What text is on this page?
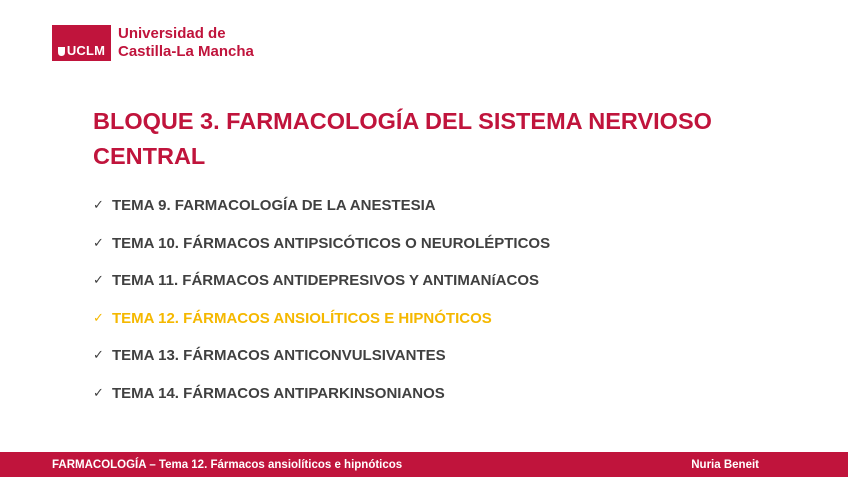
UCLM
Universidad de
Castilla-La Mancha
BLOQUE 3. FARMACOLOGÍA DEL SISTEMA NERVIOSO CENTRAL
✓ TEMA 9. FARMACOLOGÍA DE LA ANESTESIA
✓ TEMA 10. FÁRMACOS ANTIPSICÓTICOS O NEUROLÉPTICOS
✓ TEMA 11. FÁRMACOS ANTIDEPRESIVOS Y ANTIMANíACOS
✓ TEMA 12. FÁRMACOS ANSIOLÍTICOS E HIPNÓTICOS
✓ TEMA 13. FÁRMACOS ANTICONVULSIVANTES
✓ TEMA 14. FÁRMACOS ANTIPARKINSONIANOS
FARMACOLOGÍA – Tema 12. Fármacos ansiolíticos e hipnóticos	Nuria Beneit
